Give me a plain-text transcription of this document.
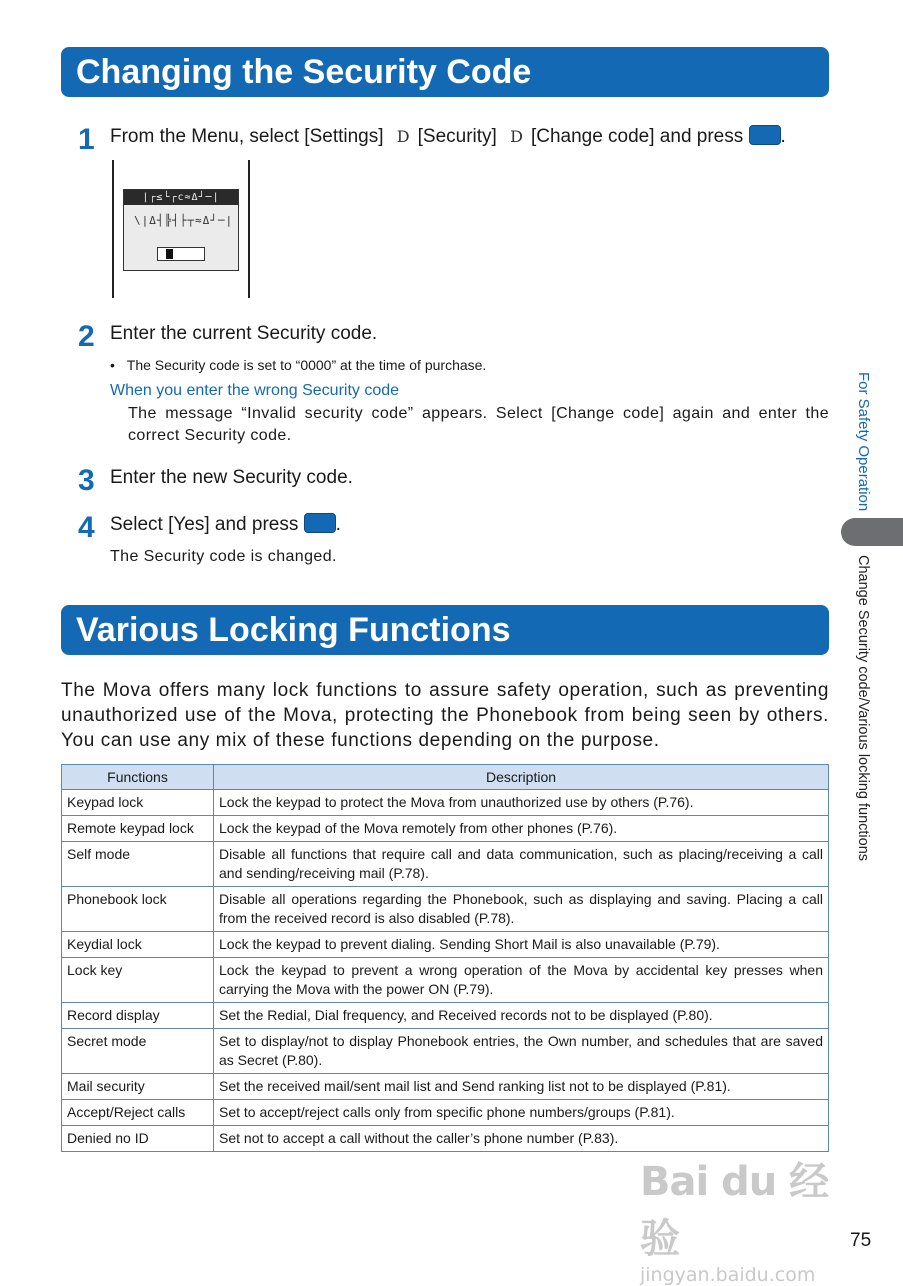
Changing the Security Code
1 From the Menu, select [Settings] D [Security] D [Change code] and press .
|┌≤└┌с≈Δ┘─|
\|Δ┤╠┤├┬≈Δ┘─|
2 Enter the current Security code.
• The Security code is set to “0000” at the time of purchase.
When you enter the wrong Security code
The message “Invalid security code” appears. Select [Change code] again and enter the correct Security code.
3 Enter the new Security code.
4 Select [Yes] and press .
The Security code is changed.
Various Locking Functions
The Mova offers many lock functions to assure safety operation, such as preventing unauthorized use of the Mova, protecting the Phonebook from being seen by others. You can use any mix of these functions depending on the purpose.
Functions	Description
Keypad lock	Lock the keypad to protect the Mova from unauthorized use by others (P.76).
Remote keypad lock	Lock the keypad of the Mova remotely from other phones (P.76).
Self mode	Disable all functions that require call and data communication, such as placing/receiving a call and sending/receiving mail (P.78).
Phonebook lock	Disable all operations regarding the Phonebook, such as displaying and saving. Placing a call from the received record is also disabled (P.78).
Keydial lock	Lock the keypad to prevent dialing. Sending Short Mail is also unavailable (P.79).
Lock key	Lock the keypad to prevent a wrong operation of the Mova by accidental key presses when carrying the Mova with the power ON (P.79).
Record display	Set the Redial, Dial frequency, and Received records not to be displayed (P.80).
Secret mode	Set to display/not to display Phonebook entries, the Own number, and schedules that are saved as Secret (P.80).
Mail security	Set the received mail/sent mail list and Send ranking list not to be displayed (P.81).
Accept/Reject calls	Set to accept/reject calls only from specific phone numbers/groups (P.81).
Denied no ID	Set not to accept a call without the caller’s phone number (P.83).
For Safety Operation
Change Security code/Various locking functions
Bai du 经验
jingyan.baidu.com
75
